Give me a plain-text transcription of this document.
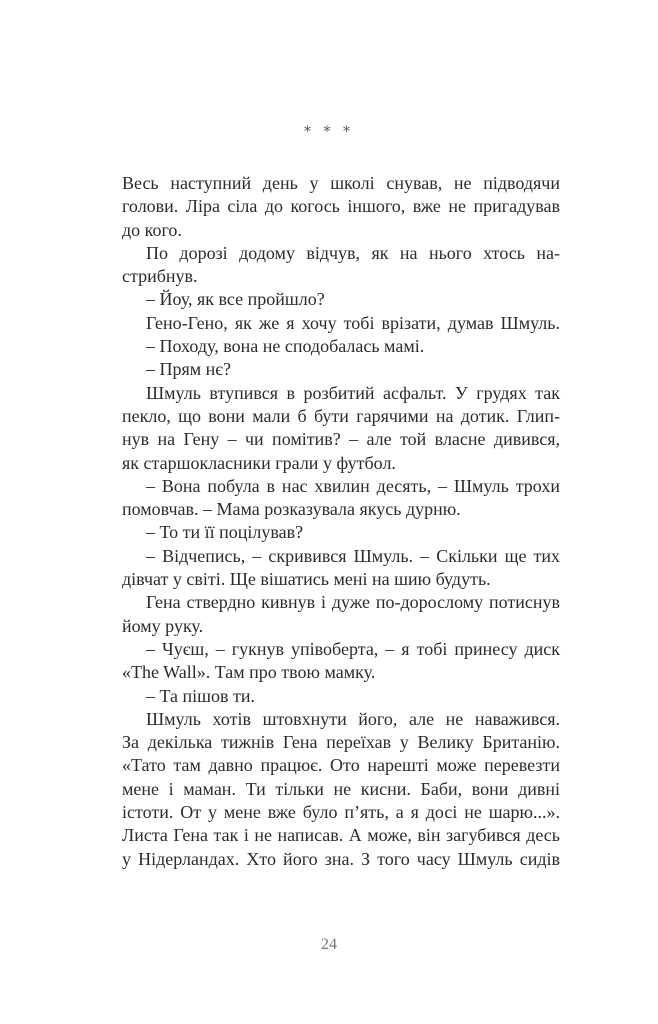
* * *
Весь наступний день у школі снував, не підводячи
голови. Ліра сіла до когось іншого, вже не пригадував
до кого.
По дорозі додому відчув, як на нього хтось на-
стрибнув.
– Йоу, як все пройшло?
Гено-Гено, як же я хочу тобі врізати, думав Шмуль.
– Походу, вона не сподобалась мамі.
– Прям нє?
Шмуль втупився в розбитий асфальт. У грудях так
пекло, що вони мали б бути гарячими на дотик. Глип-
нув на Гену – чи помітив? – але той власне дивився,
як старшокласники грали у футбол.
– Вона побула в нас хвилин десять, – Шмуль трохи
помовчав. – Мама розказувала якусь дурню.
– То ти її поцілував?
– Відчепись, – скривився Шмуль. – Скільки ще тих
дівчат у світі. Ще вішатись мені на шию будуть.
Гена ствердно кивнув і дуже по-дорослому потиснув
йому руку.
– Чуєш, – гукнув упівоберта, – я тобі принесу диск
«The Wall». Там про твою мамку.
– Та пішов ти.
Шмуль хотів штовхнути його, але не наважився.
За декілька тижнів Гена переїхав у Велику Британію.
«Тато там давно працює. Ото нарешті може перевезти
мене і маман. Ти тільки не кисни. Баби, вони дивні
істоти. От у мене вже було п’ять, а я досі не шарю...».
Листа Гена так і не написав. А може, він загубився десь
у Нідерландах. Хто його зна. З того часу Шмуль сидів
24
